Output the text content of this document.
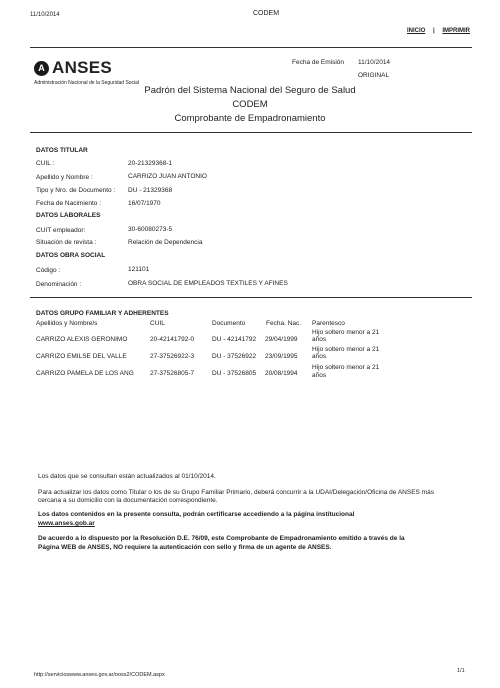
11/10/2014	CODEM
INICIO | IMPRIMIR
A ANSES
Administración Nacional de la Seguridad Social
Fecha de Emisión 11/10/2014
ORIGINAL
Padrón del Sistema Nacional del Seguro de Salud
CODEM
Comprobante de Empadronamiento
DATOS TITULAR
CUIL :	20-21329368-1
Apellido y Nombre :	CARRIZO JUAN ANTONIO
Tipo y Nro. de Documento : DU - 21329368
Fecha de Nacimiento :	16/07/1970
DATOS LABORALES
CUIT empleador:	30-60080273-5
Situación de revista :	Relación de Dependencia
DATOS OBRA SOCIAL
Código :	121101
Denominación :	OBRA SOCIAL DE EMPLEADOS TEXTILES Y AFINES
DATOS GRUPO FAMILIAR Y ADHERENTES
Apellidos y Nombre/s	CUIL	Documento	Fecha. Nac. Parentesco
CARRIZO ALEXIS GERONIMO	20-42141792-0	DU - 42141792 29/04/1999
Hijo soltero menor a 21
años
CARRIZO EMILSE DEL VALLE	27-37526922-3	DU - 37526922 23/09/1995
Hijo soltero menor a 21
años
CARRIZO PAMELA DE LOS ANG 27-37526805-7	DU - 37526805 20/08/1994
Hijo soltero menor a 21
años
Los datos que se consultan están actualizados al 01/10/2014.
Para actualizar los datos como Titular o los de su Grupo Familiar Primario, deberá concurrir a la UDAI/Delegación/Oficina de ANSES más
cercana a su domicilio con la documentación correspondiente.
Los datos contenidos en la presente consulta, podrán certificarse accediendo a la página institucional
www.anses.gob.ar
De acuerdo a lo dispuesto por la Resolución D.E. 76/09, este Comprobante de Empadronamiento emitido a través de la
Página WEB de ANSES, NO requiere la autenticación con sello y firma de un agente de ANSES.
http://servicioswww.anses.gov.ar/ooss2/CODEM.aspx
1/1
